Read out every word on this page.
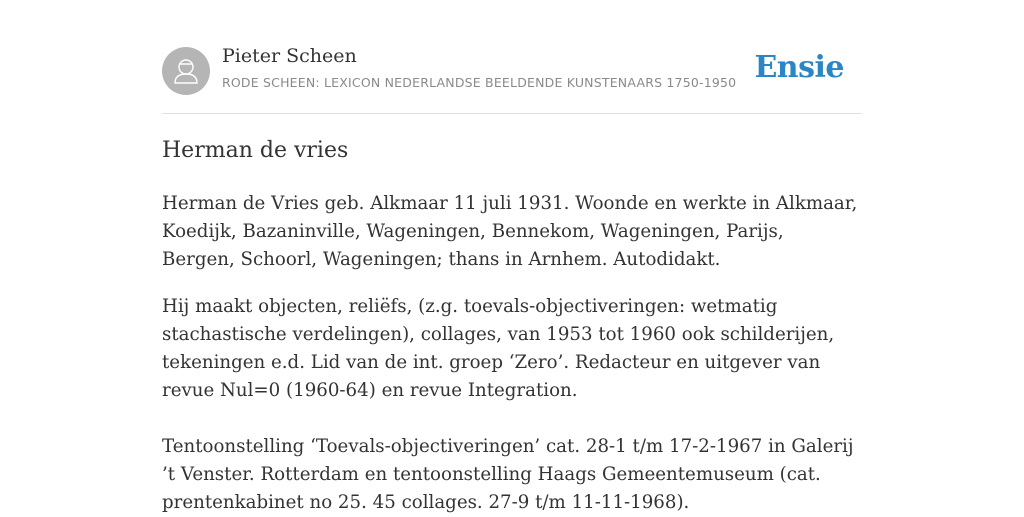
Pieter Scheen
RODE SCHEEN: LEXICON NEDERLANDSE BEELDENDE KUNSTENAARS 1750-1950 Ensie
Herman de vries

Herman de Vries geb. Alkmaar 11 juli 1931. Woonde en werkte in Alkmaar, Koedijk, Bazaninville, Wageningen, Bennekom, Wageningen, Parijs, Bergen, Schoorl, Wageningen; thans in Arnhem. Autodidakt.

Hij maakt objecten, reliëfs, (z.g. toevals-objectiveringen: wetmatig stachastische verdelingen), collages, van 1953 tot 1960 ook schilderijen, tekeningen e.d. Lid van de int. groep ‘Zero’. Redacteur en uitgever van revue Nul=0 (1960-64) en revue Integration.

Tentoonstelling ‘Toevals-objectiveringen’ cat. 28-1 t/m 17-2-1967 in Galerij ’t Venster. Rotterdam en tentoonstelling Haags Gemeentemuseum (cat. prentenkabinet no 25. 45 collages. 27-9 t/m 11-11-1968).
